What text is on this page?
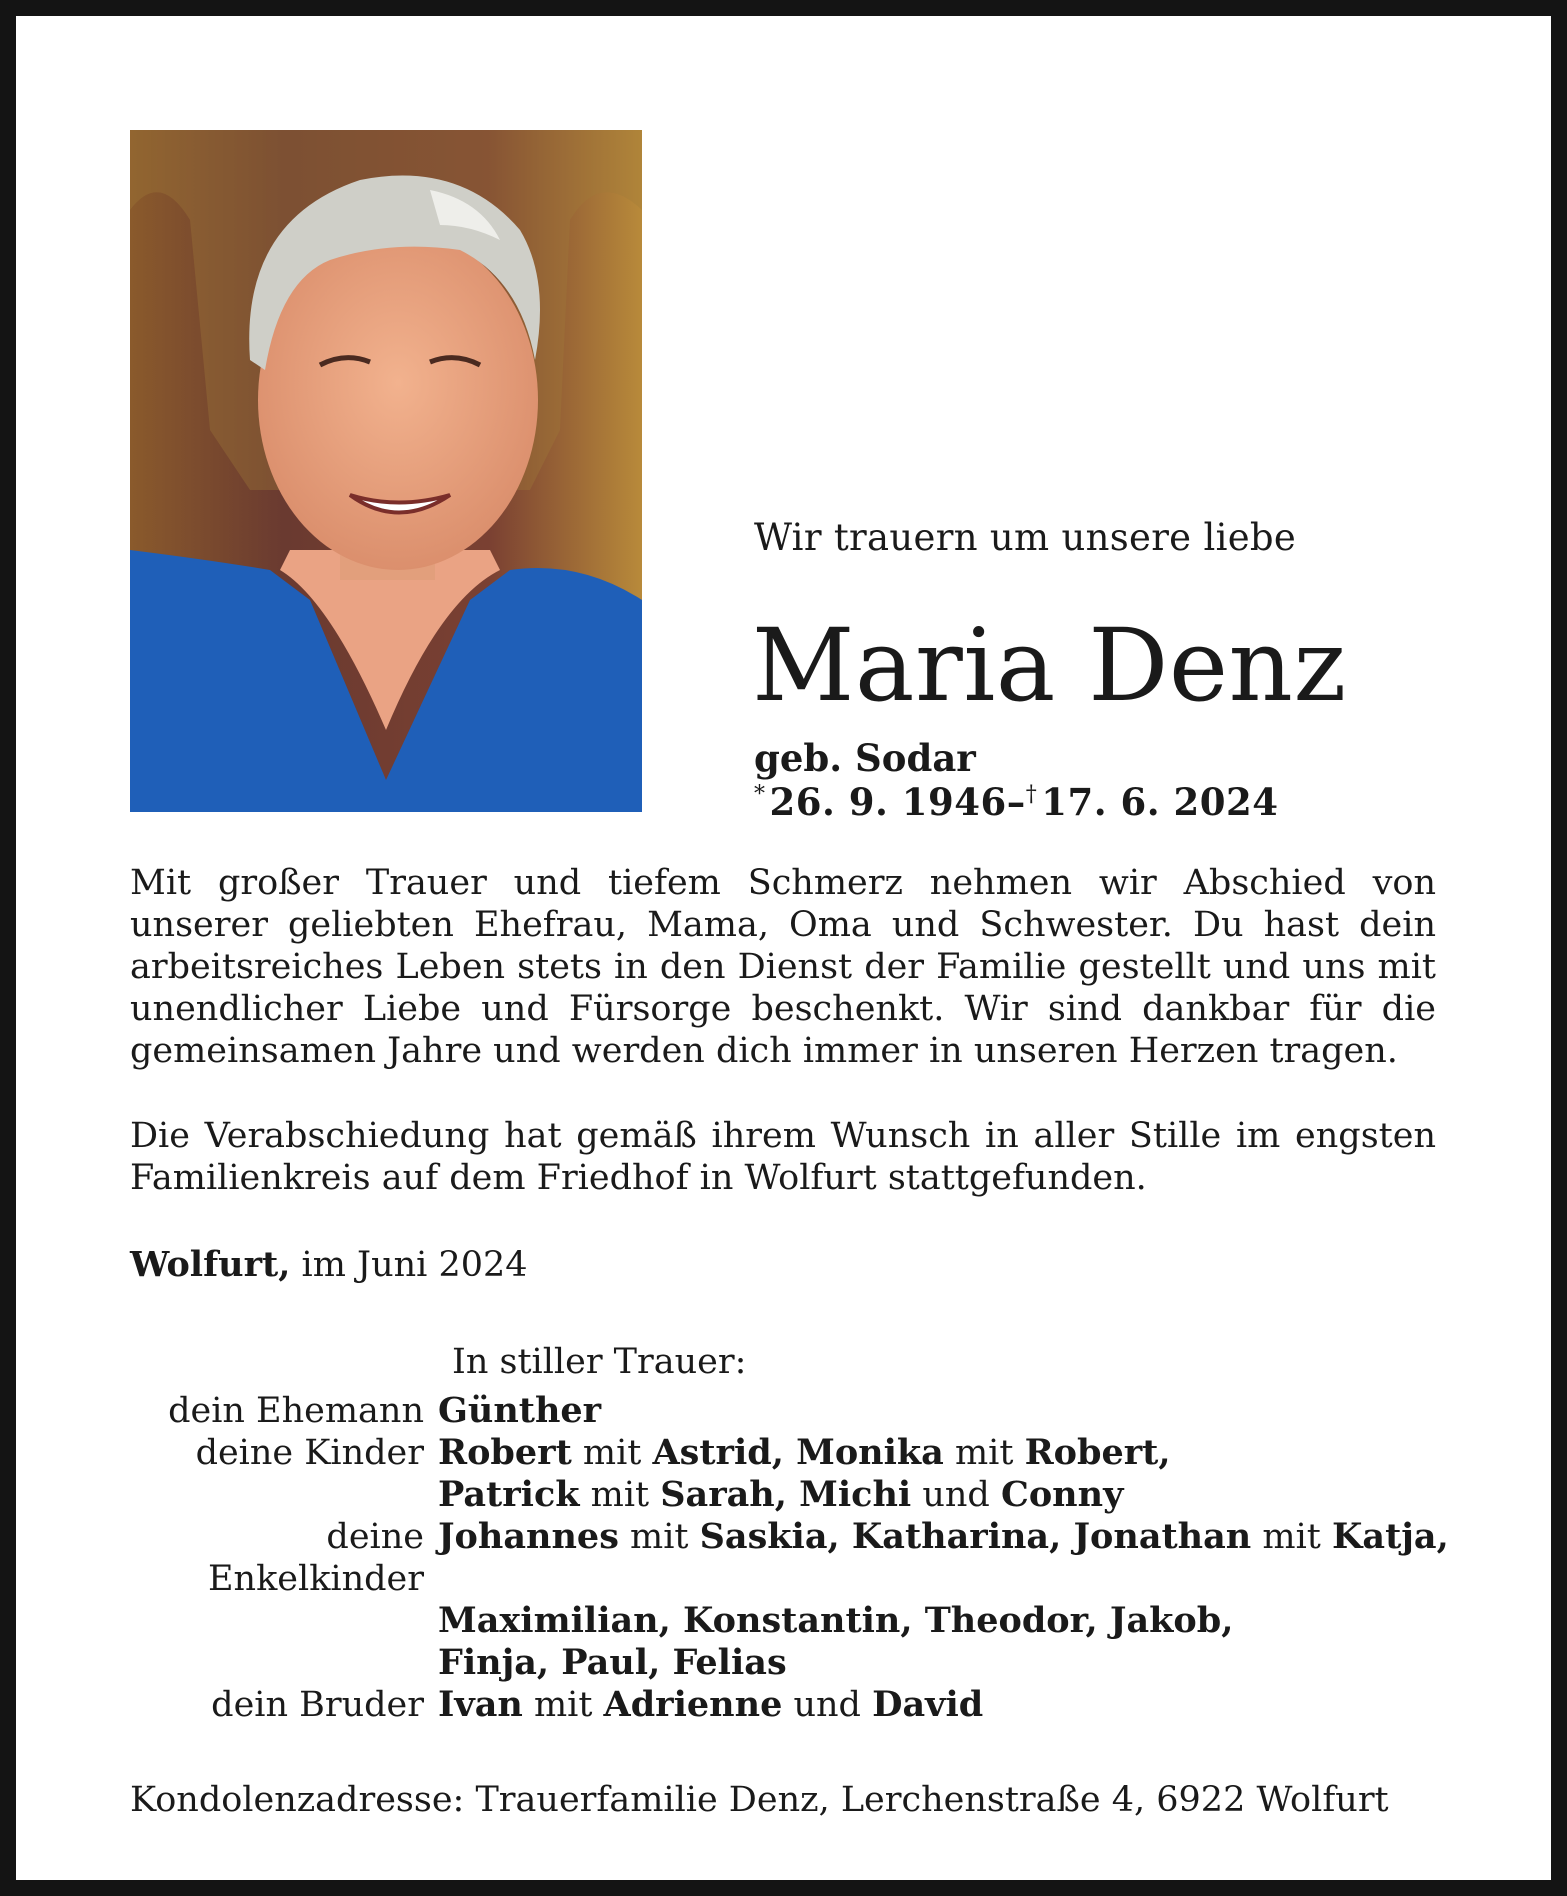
Wir trauern um unsere liebe
Maria Denz
geb. Sodar
* 26. 9. 1946–† 17. 6. 2024
Mit großer Trauer und tiefem Schmerz nehmen wir Abschied von unserer geliebten Ehefrau, Mama, Oma und Schwester. Du hast dein arbeitsreiches Leben stets in den Dienst der Familie gestellt und uns mit unendlicher Liebe und Fürsorge beschenkt. Wir sind dankbar für die gemeinsamen Jahre und werden dich immer in unseren Herzen tragen.
Die Verabschiedung hat gemäß ihrem Wunsch in aller Stille im engsten Familienkreis auf dem Friedhof in Wolfurt stattgefunden.
Wolfurt, im Juni 2024
In stiller Trauer:
dein Ehemann Günther
deine Kinder Robert mit Astrid, Monika mit Robert,
Patrick mit Sarah, Michi und Conny
deine Enkelkinder
Johannes mit Saskia, Katharina, Jonathan mit Katja,
Maximilian, Konstantin, Theodor, Jakob,
Finja, Paul, Felias
dein Bruder Ivan mit Adrienne und David
Kondolenzadresse: Trauerfamilie Denz, Lerchenstraße 4, 6922 Wolfurt
